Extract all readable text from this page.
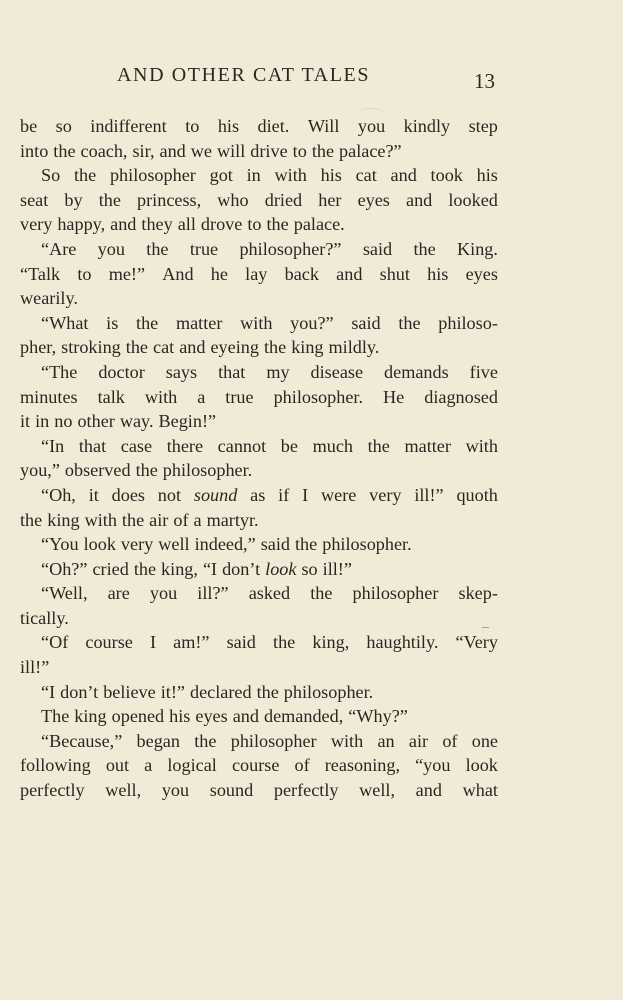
AND OTHER CAT TALES	13
be so indifferent to his diet. Will you kindly step
into the coach, sir, and we will drive to the palace?”
So the philosopher got in with his cat and took his
seat by the princess, who dried her eyes and looked
very happy, and they all drove to the palace.
“Are you the true philosopher?” said the King.
“Talk to me!” And he lay back and shut his eyes
wearily.
“What is the matter with you?” said the philoso-
pher, stroking the cat and eyeing the king mildly.
“The doctor says that my disease demands five
minutes talk with a true philosopher. He diagnosed
it in no other way. Begin!”
“In that case there cannot be much the matter with
you,” observed the philosopher.
“Oh, it does not sound as if I were very ill!” quoth
the king with the air of a martyr.
“You look very well indeed,” said the philosopher.
“Oh?” cried the king, “I don’t look so ill!”
“Well, are you ill?” asked the philosopher skep-
tically.
“Of course I am!” said the king, haughtily. “Very
ill!”
“I don’t believe it!” declared the philosopher.
The king opened his eyes and demanded, “Why?”
“Because,” began the philosopher with an air of one
following out a logical course of reasoning, “you look
perfectly well, you sound perfectly well, and what
